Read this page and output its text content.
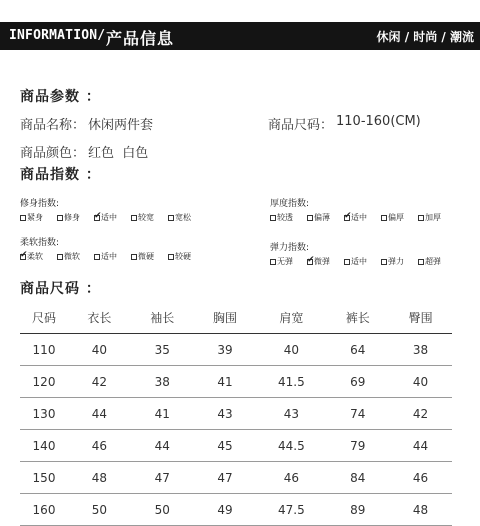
INFORMATION/ 产品信息	休闲 / 时尚 / 潮流
商品参数 ：
商品名称： 休闲两件套	商品尺码： 110-160(CM)
商品颜色： 红色  白色
商品指数 ：
修身指数:
紧身	修身 ✔	适中	较宽	宽松
厚度指数:
较透	偏薄 ✔	适中	偏厚	加厚
柔软指数:
✔
柔软	微软	适中	微硬	较硬
弹力指数:
无弹 ✔	微弹	适中	弹力	超弹
商品尺码 ：
尺码	衣长	袖长	胸围	肩宽	裤长	臀围
110	40	35	39	40	64	38
120	42	38	41	41.5	69	40
130	44	41	43	43	74	42
140	46	44	45	44.5	79	44
150	48	47	47	46	84	46
160	50	50	49	47.5	89	48
